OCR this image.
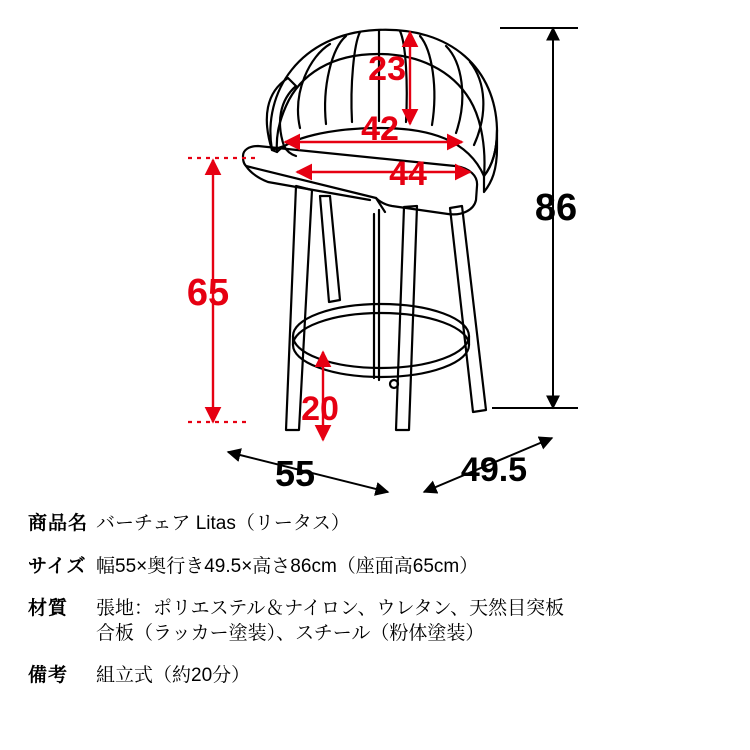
23
42
44
65
20
86
55	49.5
商品名 バーチェア Litas（リータス）
サイズ 幅55×奥行き49.5×高さ86cm（座面高65cm）
材質	張地：ポリエステル＆ナイロン、ウレタン、天然目突板
合板（ラッカー塗装）、スチール（粉体塗装）
備考	組立式（約20分）
